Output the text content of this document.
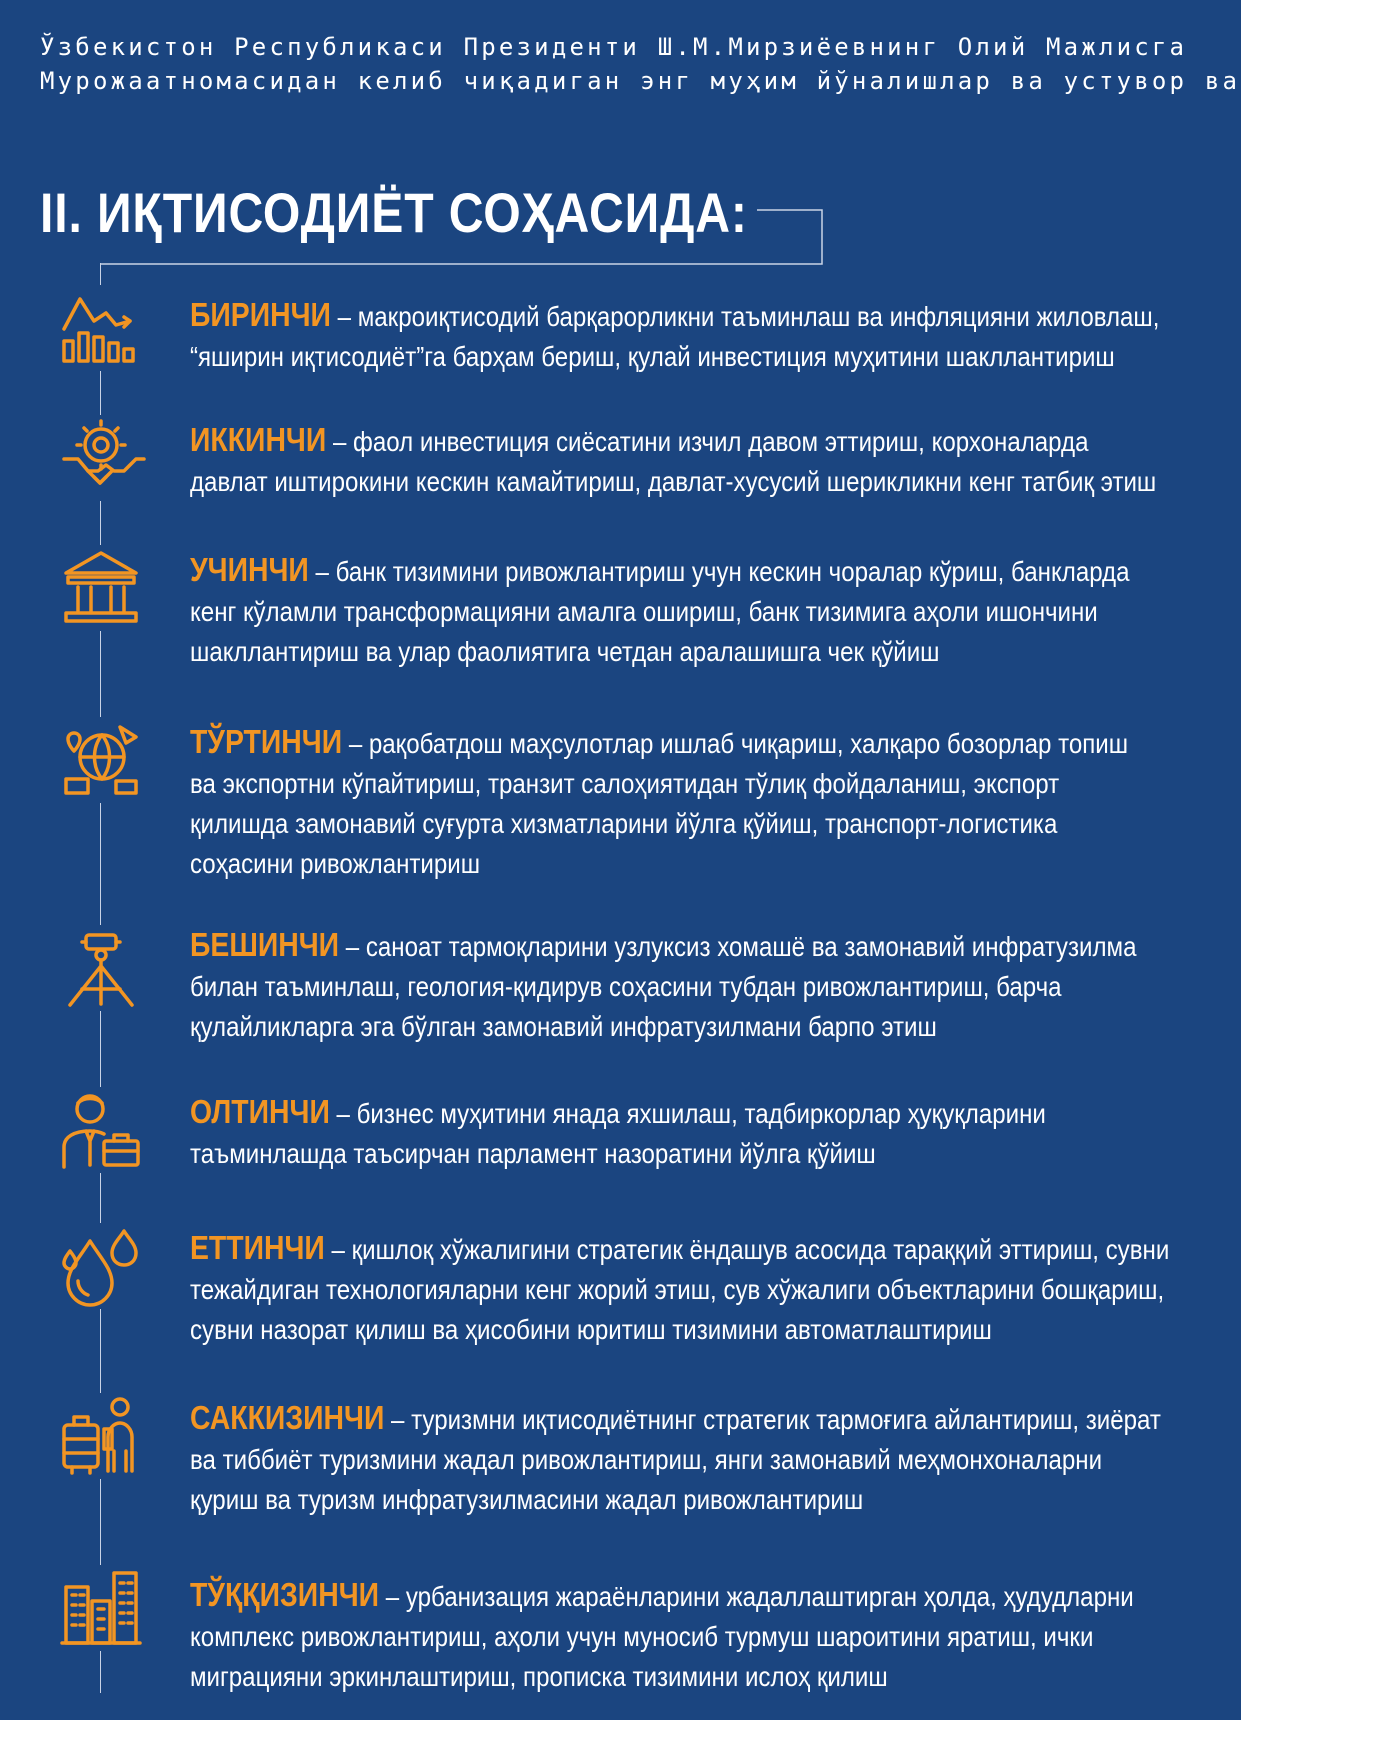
Ўзбекистон Республикаси Президенти Ш.М.Мирзиёевнинг Олий Мажлисга
Мурожаатномасидан келиб чиқадиган энг муҳим йўналишлар ва устувор вазифалар:
II. ИҚТИСОДИЁТ СОҲАСИДА:
БИРИНЧИ – макроиқтисодий барқарорликни таъминлаш ва инфляцияни жиловлаш,
“яширин иқтисодиёт”га барҳам бериш, қулай инвестиция муҳитини шакллантириш
ИККИНЧИ – фаол инвестиция сиёсатини изчил давом эттириш, корхоналарда
давлат иштирокини кескин камайтириш, давлат-хусусий шерикликни кенг татбиқ этиш
УЧИНЧИ – банк тизимини ривожлантириш учун кескин чоралар кўриш, банкларда
кенг кўламли трансформацияни амалга ошириш, банк тизимига аҳоли ишончини
шакллантириш ва улар фаолиятига четдан аралашишга чек қўйиш
ТЎРТИНЧИ – рақобатдош маҳсулотлар ишлаб чиқариш, халқаро бозорлар топиш
ва экспортни кўпайтириш, транзит салоҳиятидан тўлиқ фойдаланиш, экспорт
қилишда замонавий суғурта хизматларини йўлга қўйиш, транспорт-логистика
соҳасини ривожлантириш
БЕШИНЧИ – саноат тармоқларини узлуксиз хомашё ва замонавий инфратузилма
билан таъминлаш, геология-қидирув соҳасини тубдан ривожлантириш, барча
қулайликларга эга бўлган замонавий инфратузилмани барпо этиш
ОЛТИНЧИ – бизнес муҳитини янада яхшилаш, тадбиркорлар ҳуқуқларини
таъминлашда таъсирчан парламент назоратини йўлга қўйиш
ЕТТИНЧИ – қишлоқ хўжалигини стратегик ёндашув асосида тараққий эттириш, сувни
тежайдиган технологияларни кенг жорий этиш, сув хўжалиги объектларини бошқариш,
сувни назорат қилиш ва ҳисобини юритиш тизимини автоматлаштириш
САККИЗИНЧИ – туризмни иқтисодиётнинг стратегик тармоғига айлантириш, зиёрат
ва тиббиёт туризмини жадал ривожлантириш, янги замонавий меҳмонхоналарни
қуриш ва туризм инфратузилмасини жадал ривожлантириш
ТЎҚҚИЗИНЧИ – урбанизация жараёнларини жадаллаштирган ҳолда, ҳудудларни
комплекс ривожлантириш, аҳоли учун муносиб турмуш шароитини яратиш, ички
миграцияни эркинлаштириш, прописка тизимини ислоҳ қилиш
